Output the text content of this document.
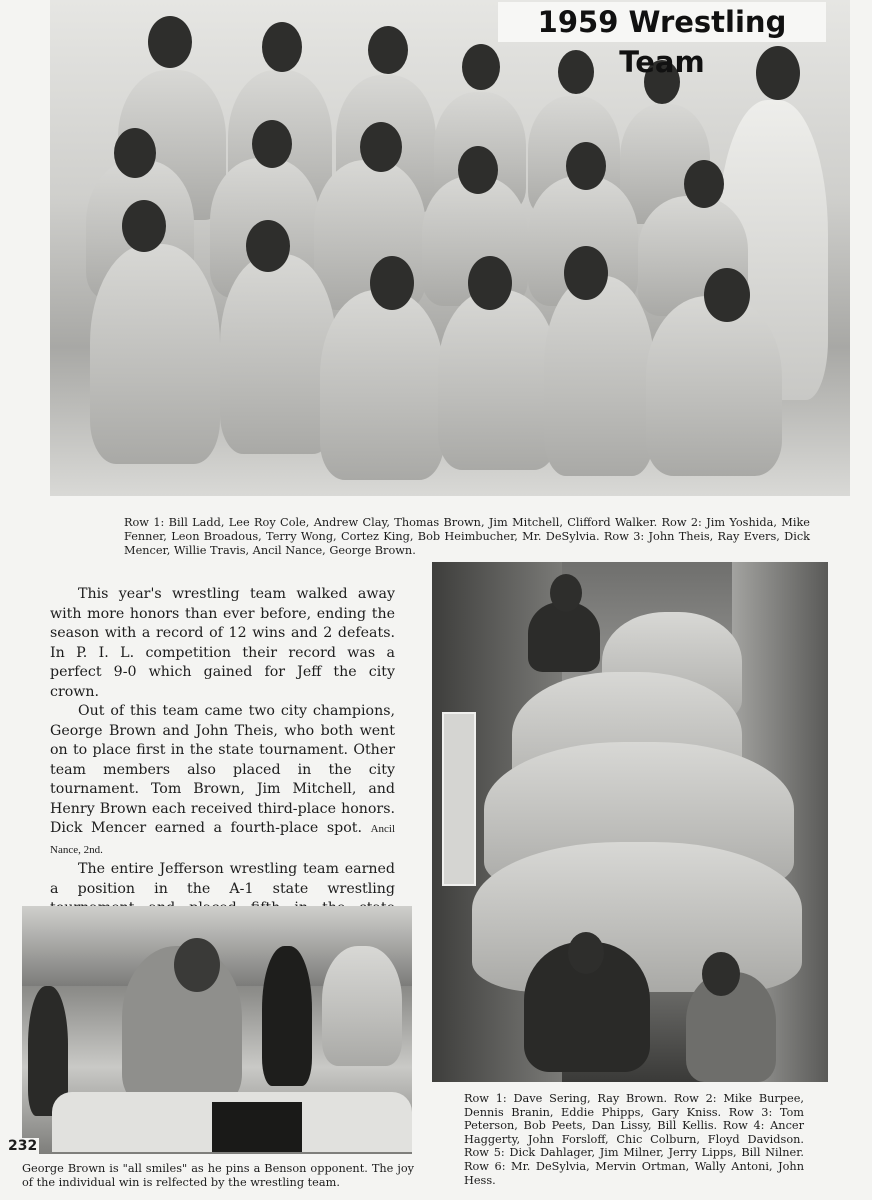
1959 Wrestling Team
Row 1: Bill Ladd, Lee Roy Cole, Andrew Clay, Thomas Brown, Jim Mitchell, Clifford Walker. Row 2: Jim Yoshida, Mike Fenner, Leon Broadous, Terry Wong, Cortez King, Bob Heimbucher, Mr. DeSylvia. Row 3: John Theis, Ray Evers, Dick Mencer, Willie Travis, Ancil Nance, George Brown.

This year's wrestling team walked away with more honors than ever before, ending the season with a record of 12 wins and 2 defeats. In P. I. L. competition their record was a perfect 9-0 which gained for Jeff the city crown.

Out of this team came two city champions, George Brown and John Theis, who both went on to place first in the state tournament. Other team members also placed in the city tournament. Tom Brown, Jim Mitchell, and Henry Brown each received third-place honors. Dick Mencer earned a fourth-place spot. Ancil Nance, 2nd.

The entire Jefferson wrestling team earned a position in the A-1 state wrestling

Row 1: Dave Sering, Ray Brown. Row 2: Mike Burpee, Dennis Branin, Eddie Phipps, Gary Kniss. Row 3: Tom Peterson, Bob Peets, Dan Lissy, Bill Kellis. Row 4: Ancer Haggerty, John Forsloff, Chic Colburn, Floyd Davidson. Row 5: Dick Dahlager, Jim Milner, Jerry Lipps, Bill Nilner. Row 6: Mr. DeSylvia, Mervin Ortman, Wally Antoni, John Hess.
232
George Brown is "all smiles" as he pins a Benson opponent. The joy of the individual win is relfected by the wrestling team.
